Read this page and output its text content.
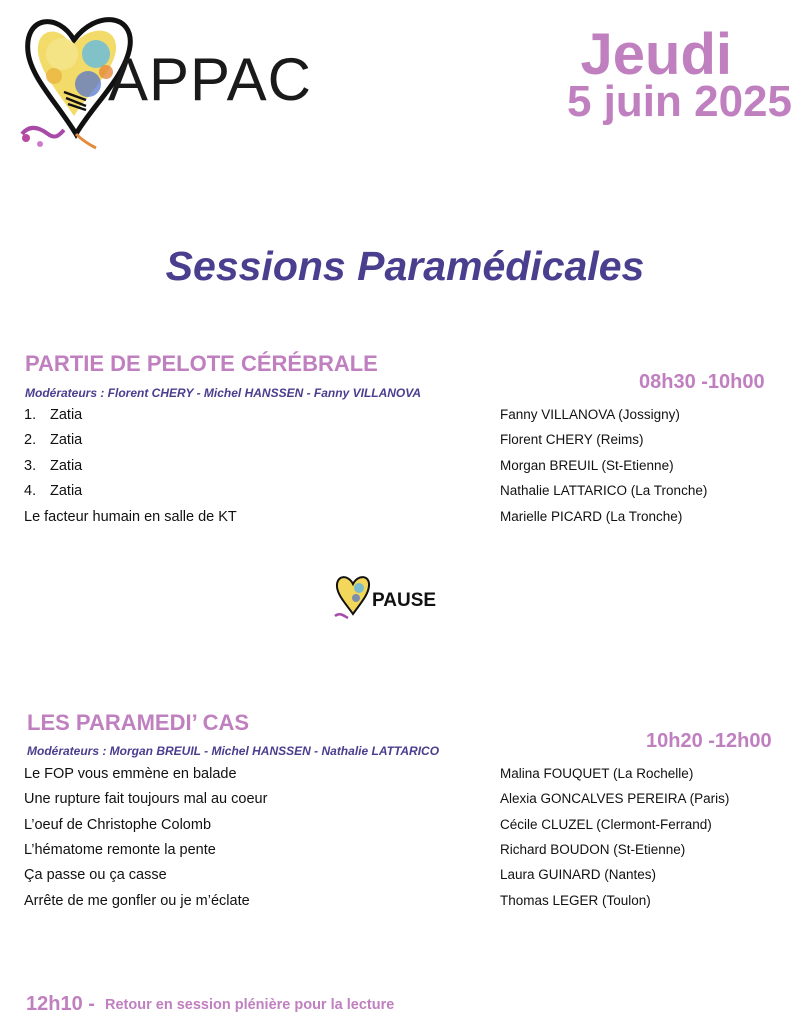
APPAC	Jeudi
5 juin 2025
Sessions Paramédicales
PARTIE DE PELOTE CÉRÉBRALE
Modérateurs : Florent CHERY - Michel HANSSEN - Fanny VILLANOVA	08h30 -10h00
1. Zatia	Fanny VILLANOVA (Jossigny)
2. Zatia	Florent CHERY (Reims)
3. Zatia	Morgan BREUIL (St-Etienne)
4. Zatia	Nathalie LATTARICO (La Tronche)
Le facteur humain en salle de KT	Marielle PICARD (La Tronche)
PAUSE
LES PARAMEDI’ CAS
Modérateurs : Morgan BREUIL - Michel HANSSEN - Nathalie LATTARICO	10h20 -12h00
Le FOP vous emmène en balade	Malina FOUQUET (La Rochelle)
Une rupture fait toujours mal au coeur	Alexia GONCALVES PEREIRA (Paris)
L’oeuf de Christophe Colomb	Cécile CLUZEL (Clermont-Ferrand)
L’hématome remonte la pente	Richard BOUDON (St-Etienne)
Ça passe ou ça casse	Laura GUINARD (Nantes)
Arrête de me gonfler ou je m’éclate	Thomas LEGER (Toulon)
12h10 - Retour en session plénière pour la lecture
